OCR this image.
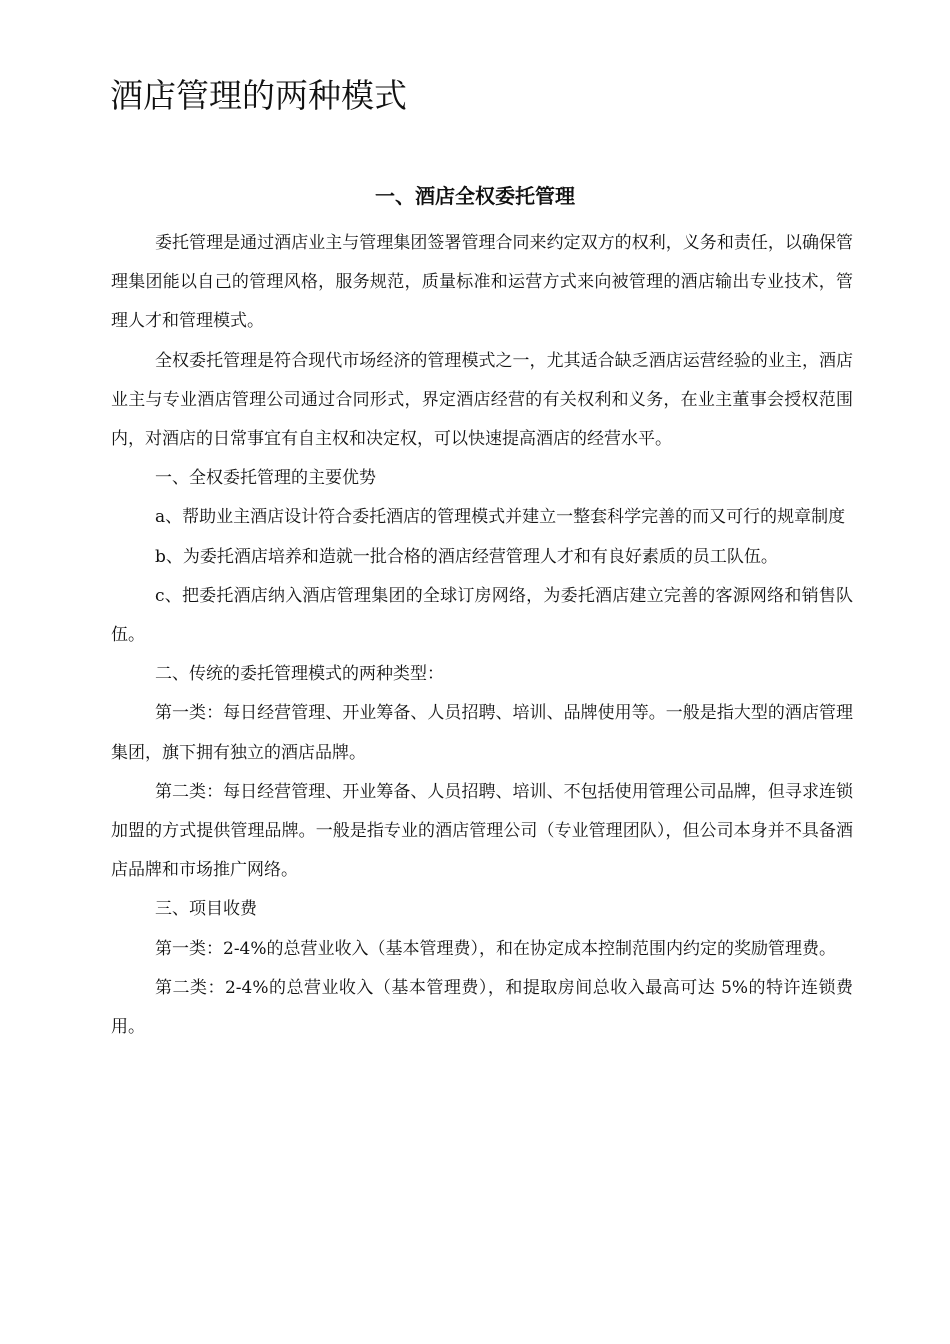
酒店管理的两种模式
一、酒店全权委托管理

委托管理是通过酒店业主与管理集团签署管理合同来约定双方的权利，义务和责任，以确保管理集团能以自己的管理风格，服务规范，质量标准和运营方式来向被管理的酒店输出专业技术，管理人才和管理模式。

全权委托管理是符合现代市场经济的管理模式之一，尤其适合缺乏酒店运营经验的业主，酒店业主与专业酒店管理公司通过合同形式，界定酒店经营的有关权利和义务，在业主董事会授权范围内，对酒店的日常事宜有自主权和决定权，可以快速提高酒店的经营水平。

一、全权委托管理的主要优势

a、帮助业主酒店设计符合委托酒店的管理模式并建立一整套科学完善的而又可行的规章制度

b、为委托酒店培养和造就一批合格的酒店经营管理人才和有良好素质的员工队伍。

c、把委托酒店纳入酒店管理集团的全球订房网络，为委托酒店建立完善的客源网络和销售队伍。

二、传统的委托管理模式的两种类型：

第一类：每日经营管理、开业筹备、人员招聘、培训、品牌使用等。一般是指大型的酒店管理集团，旗下拥有独立的酒店品牌。

第二类：每日经营管理、开业筹备、人员招聘、培训、不包括使用管理公司品牌，但寻求连锁加盟的方式提供管理品牌。一般是指专业的酒店管理公司（专业管理团队），但公司本身并不具备酒店品牌和市场推广网络。

三、项目收费

第一类：2-4%的总营业收入（基本管理费），和在协定成本控制范围内约定的奖励管理费。

第二类：2-4%的总营业收入（基本管理费），和提取房间总收入最高可达 5%的特许连锁费用。
